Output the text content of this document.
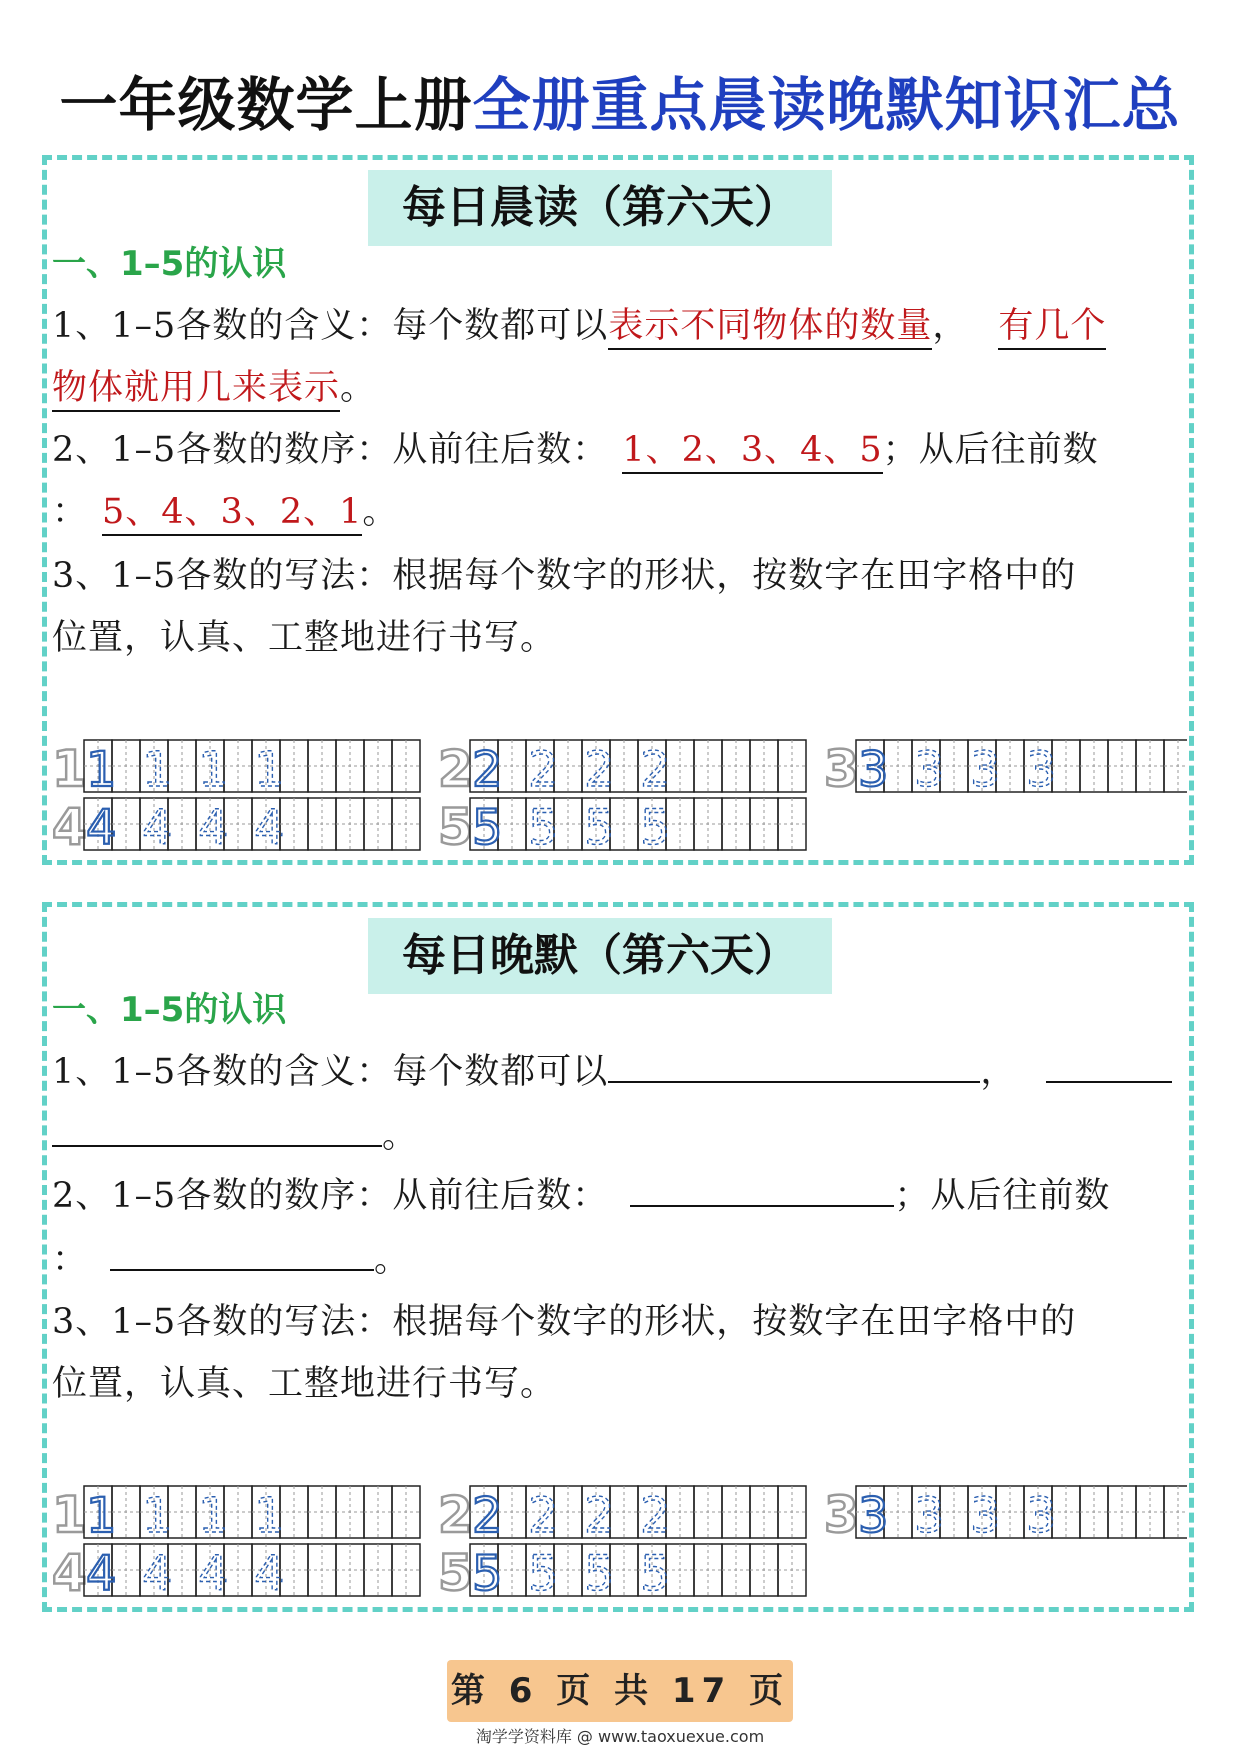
一年级数学上册全册重点晨读晚默知识汇总
每日晨读（第六天）
一、1–5的认识
1、1–5各数的含义：每个数都可以表示不同物体的数量， 有几个
物体就用几来表示。
2、1–5各数的数序：从前往后数： 1、2、3、4、5；从后往前数
： 5、4、3、2、1。
3、1–5各数的写法：根据每个数字的形状，按数字在田字格中的
位置，认真、工整地进行书写。
1 1 1 1 1	2 2 2 2 2	3 3 3 3 3
4 4 4 4 4	5 5 5 5 5
每日晚默（第六天）
一、1–5的认识
1、1–5各数的含义：每个数都可以	，
。
2、1–5各数的数序：从前往后数：	；从后往前数
：	。
3、1–5各数的写法：根据每个数字的形状，按数字在田字格中的
位置，认真、工整地进行书写。
1 1 1 1 1	2 2 2 2 2	3 3 3 3 3
4 4 4 4 4	5 5 5 5 5
第 6 页 共 17 页
淘学学资料库 @ www.taoxuexue.com
